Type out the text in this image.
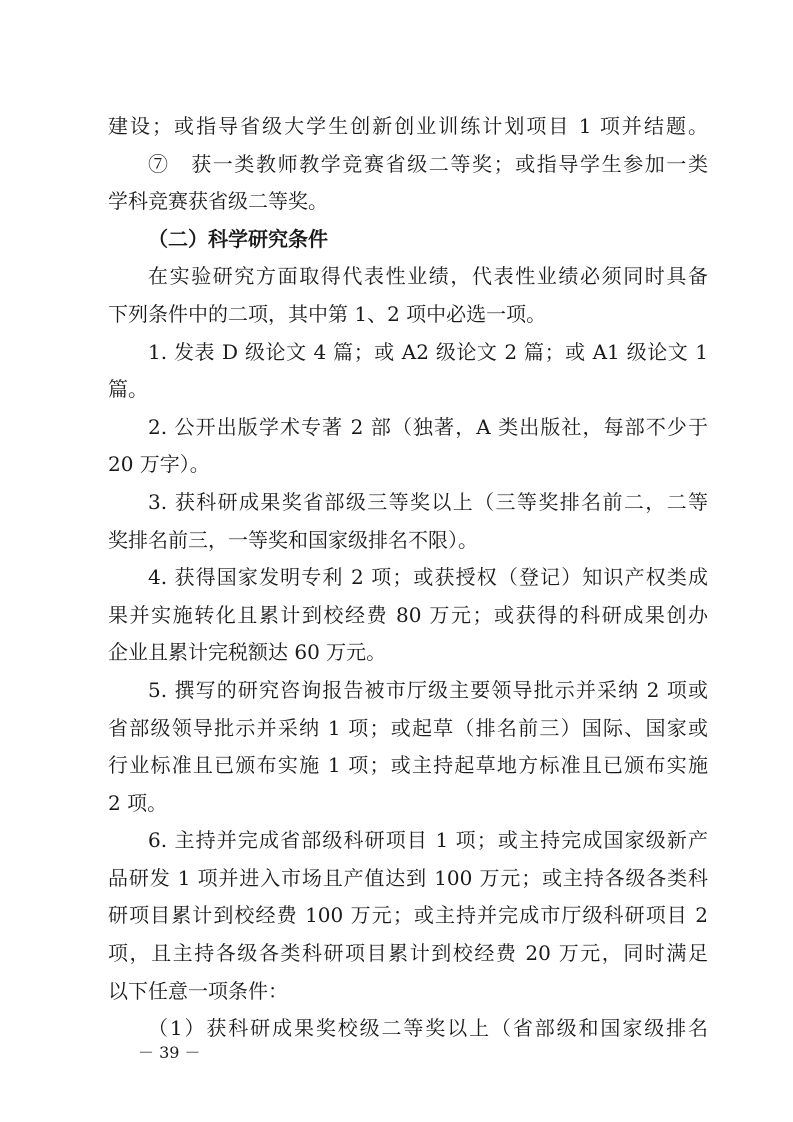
建设；或指导省级大学生创新创业训练计划项目 1 项并结题。
⑦　获一类教师教学竞赛省级二等奖；或指导学生参加一类
学科竞赛获省级二等奖。
（二）科学研究条件
在实验研究方面取得代表性业绩，代表性业绩必须同时具备
下列条件中的二项，其中第 1、2 项中必选一项。
1. 发表 D 级论文 4 篇；或 A2 级论文 2 篇；或 A1 级论文 1
篇。
2. 公开出版学术专著 2 部（独著，A 类出版社，每部不少于
20 万字）。
3. 获科研成果奖省部级三等奖以上（三等奖排名前二，二等
奖排名前三，一等奖和国家级排名不限）。
4. 获得国家发明专利 2 项；或获授权（登记）知识产权类成
果并实施转化且累计到校经费 80 万元；或获得的科研成果创办
企业且累计完税额达 60 万元。
5. 撰写的研究咨询报告被市厅级主要领导批示并采纳 2 项或
省部级领导批示并采纳 1 项；或起草（排名前三）国际、国家或
行业标准且已颁布实施 1 项；或主持起草地方标准且已颁布实施
2 项。
6. 主持并完成省部级科研项目 1 项；或主持完成国家级新产
品研发 1 项并进入市场且产值达到 100 万元；或主持各级各类科
研项目累计到校经费 100 万元；或主持并完成市厅级科研项目 2
项，且主持各级各类科研项目累计到校经费 20 万元，同时满足
以下任意一项条件：
（1）获科研成果奖校级二等奖以上（省部级和国家级排名
－ 39 －
